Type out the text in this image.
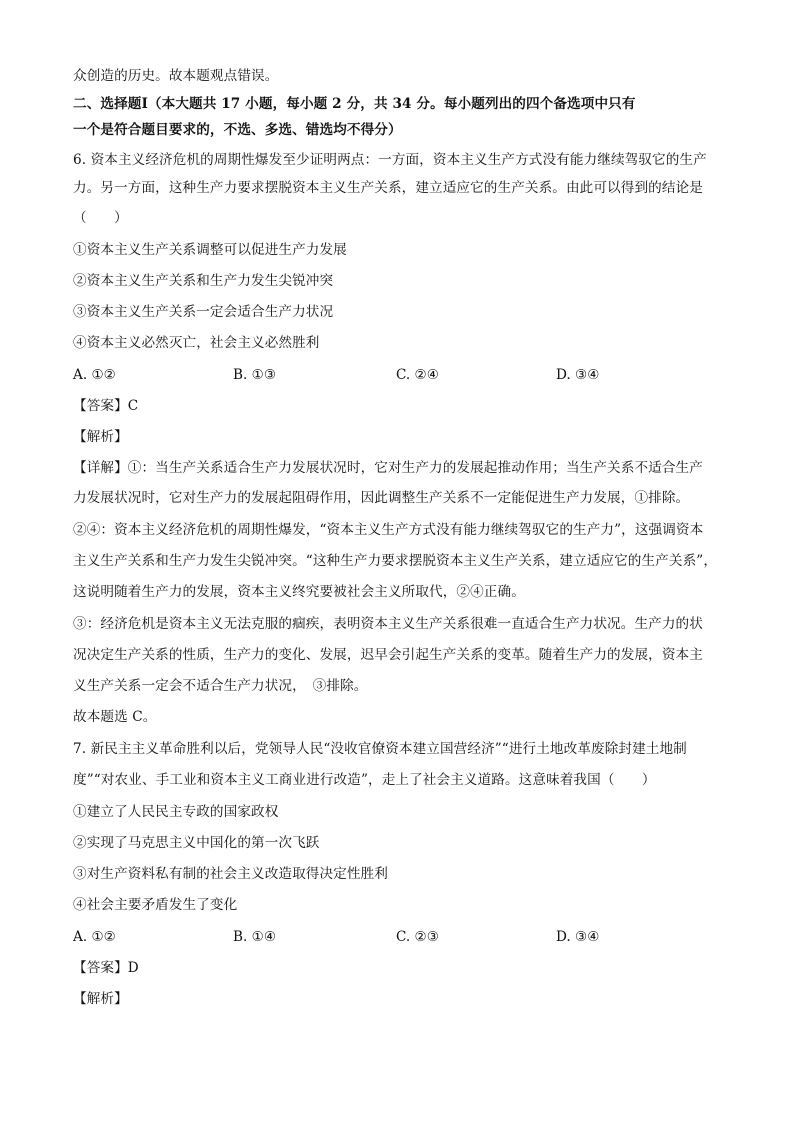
众创造的历史。故本题观点错误。
二、选择题Ⅰ（本大题共 17 小题，每小题 2 分，共 34 分。每小题列出的四个备选项中只有
一个是符合题目要求的，不选、多选、错选均不得分）
6. 资本主义经济危机的周期性爆发至少证明两点：一方面，资本主义生产方式没有能力继续驾驭它的生产
力。另一方面，这种生产力要求摆脱资本主义生产关系，建立适应它的生产关系。由此可以得到的结论是
（　　）
①资本主义生产关系调整可以促进生产力发展
②资本主义生产关系和生产力发生尖锐冲突
③资本主义生产关系一定会适合生产力状况
④资本主义必然灭亡，社会主义必然胜利
A. ①②	B. ①③	C. ②④	D. ③④
【答案】C
【解析】
【详解】①：当生产关系适合生产力发展状况时，它对生产力的发展起推动作用；当生产关系不适合生产
力发展状况时，它对生产力的发展起阻碍作用，因此调整生产关系不一定能促进生产力发展，①排除。
②④：资本主义经济危机的周期性爆发，“资本主义生产方式没有能力继续驾驭它的生产力”，这强调资本
主义生产关系和生产力发生尖锐冲突。“这种生产力要求摆脱资本主义生产关系，建立适应它的生产关系”，
这说明随着生产力的发展，资本主义终究要被社会主义所取代，②④正确。
③：经济危机是资本主义无法克服的痼疾，表明资本主义生产关系很难一直适合生产力状况。生产力的状
况决定生产关系的性质，生产力的变化、发展，迟早会引起生产关系的变革。随着生产力的发展，资本主
义生产关系一定会不适合生产力状况，　③排除。
故本题选 C。
7. 新民主主义革命胜利以后，党领导人民“没收官僚资本建立国营经济”“进行土地改革废除封建土地制
度”“对农业、手工业和资本主义工商业进行改造”，走上了社会主义道路。这意味着我国（　　）
①建立了人民民主专政的国家政权
②实现了马克思主义中国化的第一次飞跃
③对生产资料私有制的社会主义改造取得决定性胜利
④社会主要矛盾发生了变化
A. ①②	B. ①④	C. ②③	D. ③④
【答案】D
【解析】
